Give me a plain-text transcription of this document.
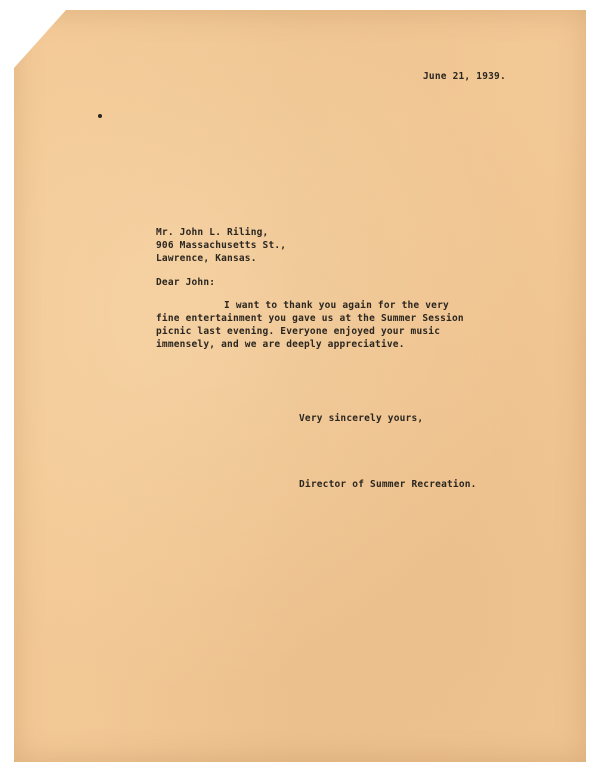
June 21, 1939.
Mr. John L. Riling,
906 Massachusetts St.,
Lawrence, Kansas.
Dear John:
I want to thank you again for the very
fine entertainment you gave us at the Summer Session
picnic last evening. Everyone enjoyed your music
immensely, and we are deeply appreciative.
Very sincerely yours,
Director of Summer Recreation.
